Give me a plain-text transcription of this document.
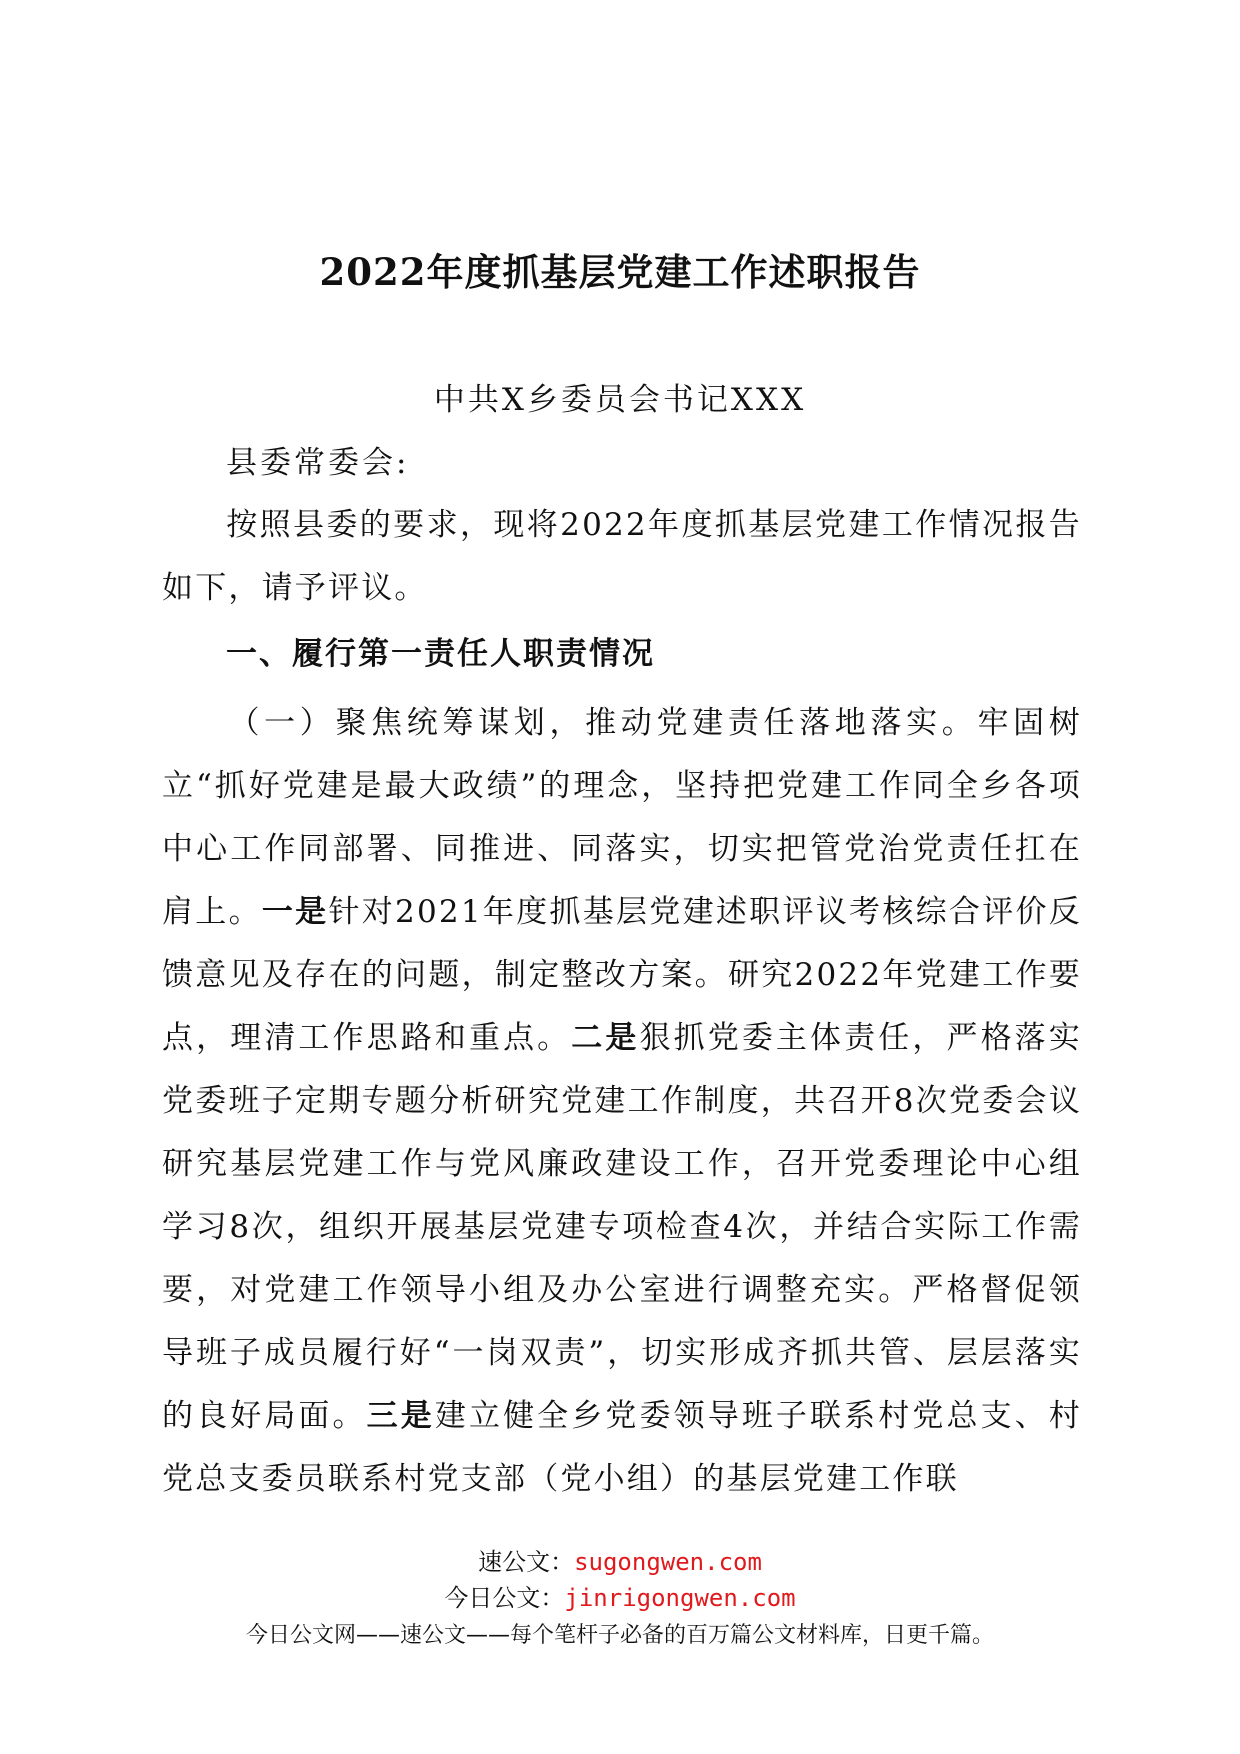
2022年度抓基层党建工作述职报告
中共X乡委员会书记XXX
县委常委会:
按照县委的要求，现将2022年度抓基层党建工作情况报告如下，请予评议。
一、履行第一责任人职责情况
（一）聚焦统筹谋划，推动党建责任落地落实。牢固树立“抓好党建是最大政绩”的理念，坚持把党建工作同全乡各项中心工作同部署、同推进、同落实，切实把管党治党责任扛在肩上。一是针对2021年度抓基层党建述职评议考核综合评价反馈意见及存在的问题，制定整改方案。研究2022年党建工作要点，理清工作思路和重点。二是狠抓党委主体责任，严格落实党委班子定期专题分析研究党建工作制度，共召开8次党委会议研究基层党建工作与党风廉政建设工作，召开党委理论中心组学习8次，组织开展基层党建专项检查4次，并结合实际工作需要，对党建工作领导小组及办公室进行调整充实。严格督促领导班子成员履行好“一岗双责”，切实形成齐抓共管、层层落实的良好局面。三是建立健全乡党委领导班子联系村党总支、村党总支委员联系村党支部（党小组）的基层党建工作联
速公文：sugongwen.com
今日公文：jinrigongwen.com
今日公文网——速公文——每个笔杆子必备的百万篇公文材料库，日更千篇。
